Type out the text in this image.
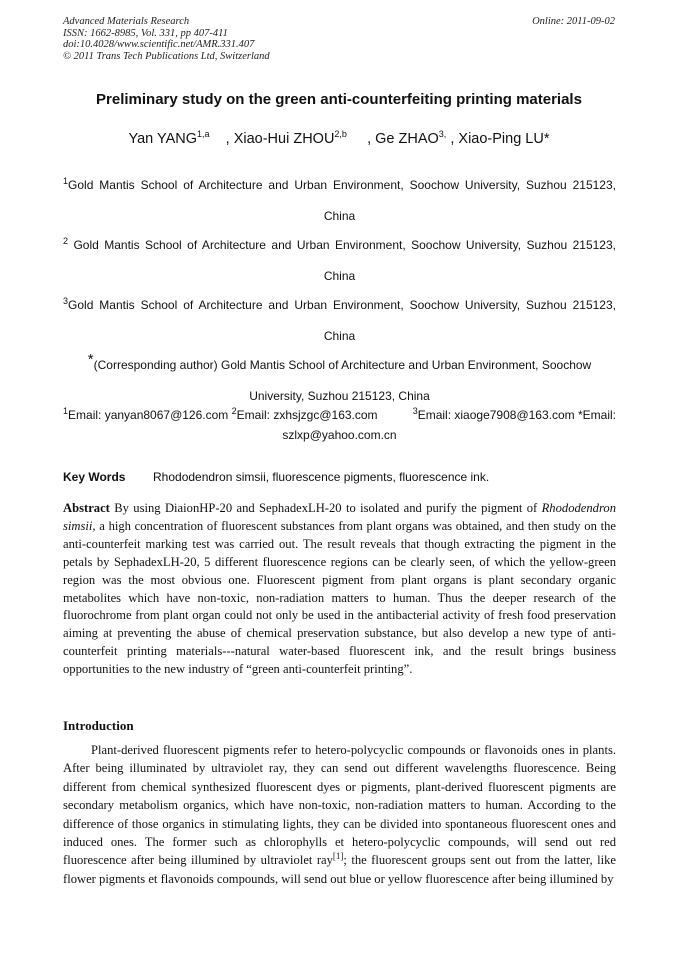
Advanced Materials Research
ISSN: 1662-8985, Vol. 331, pp 407-411
doi:10.4028/www.scientific.net/AMR.331.407
© 2011 Trans Tech Publications Ltd, Switzerland
Online: 2011-09-02
Preliminary study on the green anti-counterfeiting printing materials
Yan YANG$^{1,a}$    , Xiao-Hui ZHOU$^{2,b}$     , Ge $ZHAO^{3,}$ , Xiao-Ping LU*
$^1$Gold Mantis School of Architecture and Urban Environment, Soochow University, Suzhou 215123,
China
$^2$ Gold Mantis School of Architecture and Urban Environment, Soochow University, Suzhou 215123,
China
$^3$Gold Mantis School of Architecture and Urban Environment, Soochow University, Suzhou 215123,
China
*(Corresponding author) Gold Mantis School of Architecture and Urban Environment, Soochow
University, Suzhou 215123, China
$^1$Email: yanyan8067@126.com $^2$Email: zxhsjzgc@163.com	$^3$Email: xiaoge7908@163.com *Email:
szlxp@yahoo.com.cn
Key Words Rhododendron simsii, fluorescence pigments, fluorescence ink.
Abstract By using DiaionHP-20 and SephadexLH-20 to isolated and purify the pigment of Rhododendron simsii, a high concentration of fluorescent substances from plant organs was obtained, and then study on the anti-counterfeit marking test was carried out. The result reveals that though extracting the pigment in the petals by SephadexLH-20, 5 different fluorescence regions can be clearly seen, of which the yellow-green region was the most obvious one. Fluorescent pigment from plant organs is plant secondary organic metabolites which have non-toxic, non-radiation matters to human. Thus the deeper research of the fluorochrome from plant organ could not only be used in the antibacterial activity of fresh food preservation aiming at preventing the abuse of chemical preservation substance, but also develop a new type of anti-counterfeit printing materials---natural water-based fluorescent ink, and the result brings business opportunities to the new industry of “green anti-counterfeit printing”.
Introduction
Plant-derived fluorescent pigments refer to hetero-polycyclic compounds or flavonoids ones in plants. After being illuminated by ultraviolet ray, they can send out different wavelengths fluorescence. Being different from chemical synthesized fluorescent dyes or pigments, plant-derived fluorescent pigments are secondary metabolism organics, which have non-toxic, non-radiation matters to human. According to the difference of those organics in stimulating lights, they can be divided into spontaneous fluorescent ones and induced ones. The former such as chlorophylls et hetero-polycyclic compounds, will send out red fluorescence after being illumined by ultraviolet ray[1]; the fluorescent groups sent out from the latter, like flower pigments et flavonoids compounds, will send out blue or yellow fluorescence after being illumined by
